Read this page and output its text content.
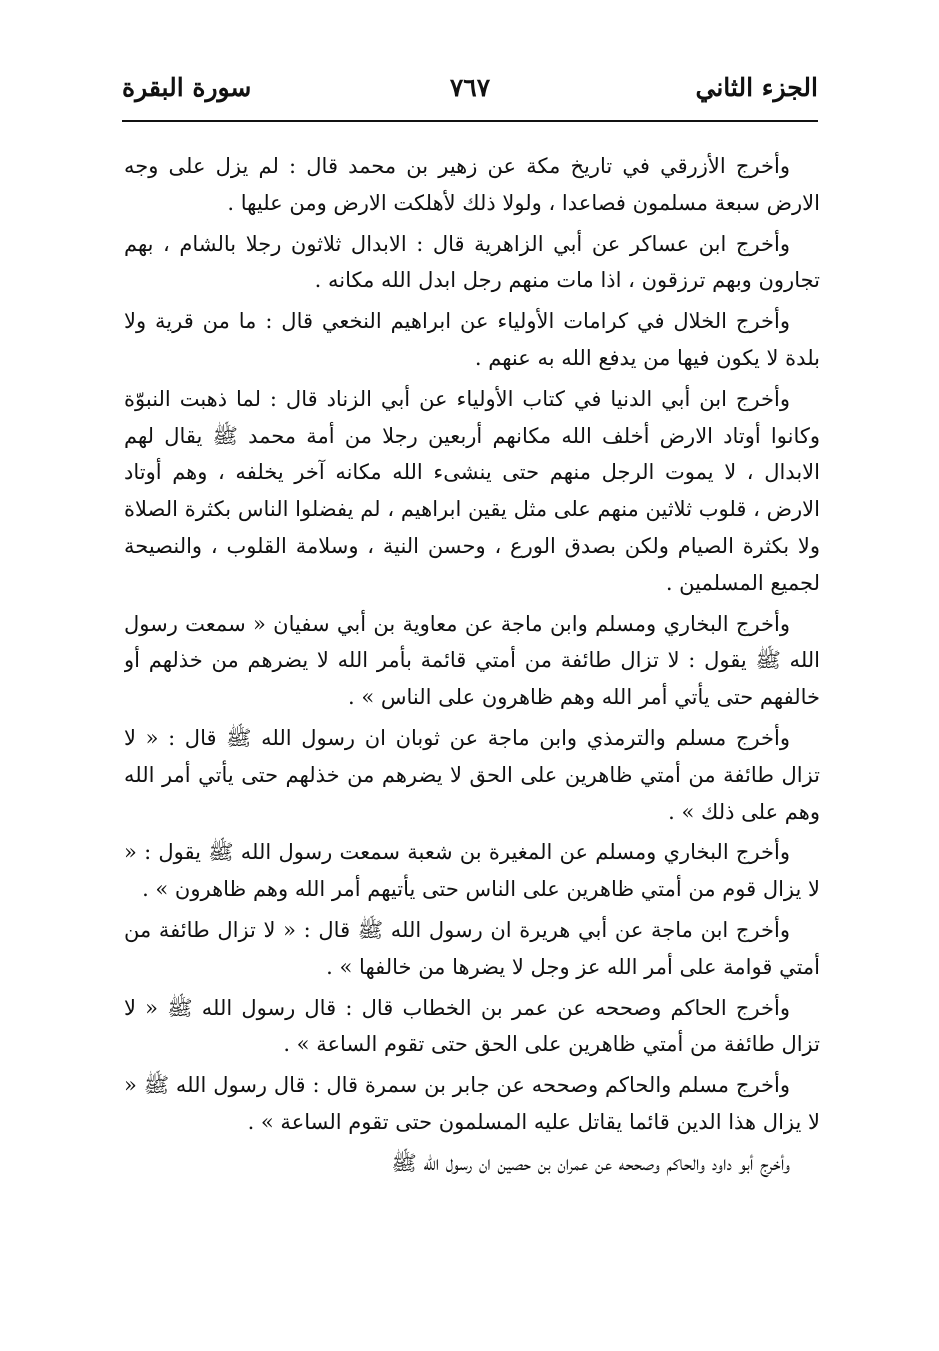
الجزء الثاني
٧٦٧
سورة البقرة

وأخرج الأزرقي في تاريخ مكة عن زهير بن محمد قال : لم يزل على وجه الارض سبعة مسلمون فصاعدا ، ولولا ذلك لأهلكت الارض ومن عليها .

وأخرج ابن عساكر عن أبي الزاهرية قال : الابدال ثلاثون رجلا بالشام ، بهم تجارون وبهم ترزقون ، اذا مات منهم رجل ابدل الله مكانه .

وأخرج الخلال في كرامات الأولياء عن ابراهيم النخعي قال : ما من قرية ولا بلدة لا يكون فيها من يدفع الله به عنهم .

وأخرج ابن أبي الدنيا في كتاب الأولياء عن أبي الزناد قال : لما ذهبت النبوّة وكانوا أوتاد الارض أخلف الله مكانهم أربعين رجلا من أمة محمد ﷺ يقال لهم الابدال ، لا يموت الرجل منهم حتى ينشىء الله مكانه آخر يخلفه ، وهم أوتاد الارض ، قلوب ثلاثين منهم على مثل يقين ابراهيم ، لم يفضلوا الناس بكثرة الصلاة ولا بكثرة الصيام ولكن بصدق الورع ، وحسن النية ، وسلامة القلوب ، والنصيحة لجميع المسلمين .

وأخرج البخاري ومسلم وابن ماجة عن معاوية بن أبي سفيان « سمعت رسول الله ﷺ يقول : لا تزال طائفة من أمتي قائمة بأمر الله لا يضرهم من خذلهم أو خالفهم حتى يأتي أمر الله وهم ظاهرون على الناس » .

وأخرج مسلم والترمذي وابن ماجة عن ثوبان ان رسول الله ﷺ قال : « لا تزال طائفة من أمتي ظاهرين على الحق لا يضرهم من خذلهم حتى يأتي أمر الله وهم على ذلك » .

وأخرج البخاري ومسلم عن المغيرة بن شعبة سمعت رسول الله ﷺ يقول : « لا يزال قوم من أمتي ظاهرين على الناس حتى يأتيهم أمر الله وهم ظاهرون » .

وأخرج ابن ماجة عن أبي هريرة ان رسول الله ﷺ قال : « لا تزال طائفة من أمتي قوامة على أمر الله عز وجل لا يضرها من خالفها » .

وأخرج الحاكم وصححه عن عمر بن الخطاب قال : قال رسول الله ﷺ « لا تزال طائفة من أمتي ظاهرين على الحق حتى تقوم الساعة » .

وأخرج مسلم والحاكم وصححه عن جابر بن سمرة قال : قال رسول الله ﷺ « لا يزال هذا الدين قائما يقاتل عليه المسلمون حتى تقوم الساعة » .

وأخرج أبو داود والحاكم وصححه عن عمران بن حصين ان رسول الله ﷺ
